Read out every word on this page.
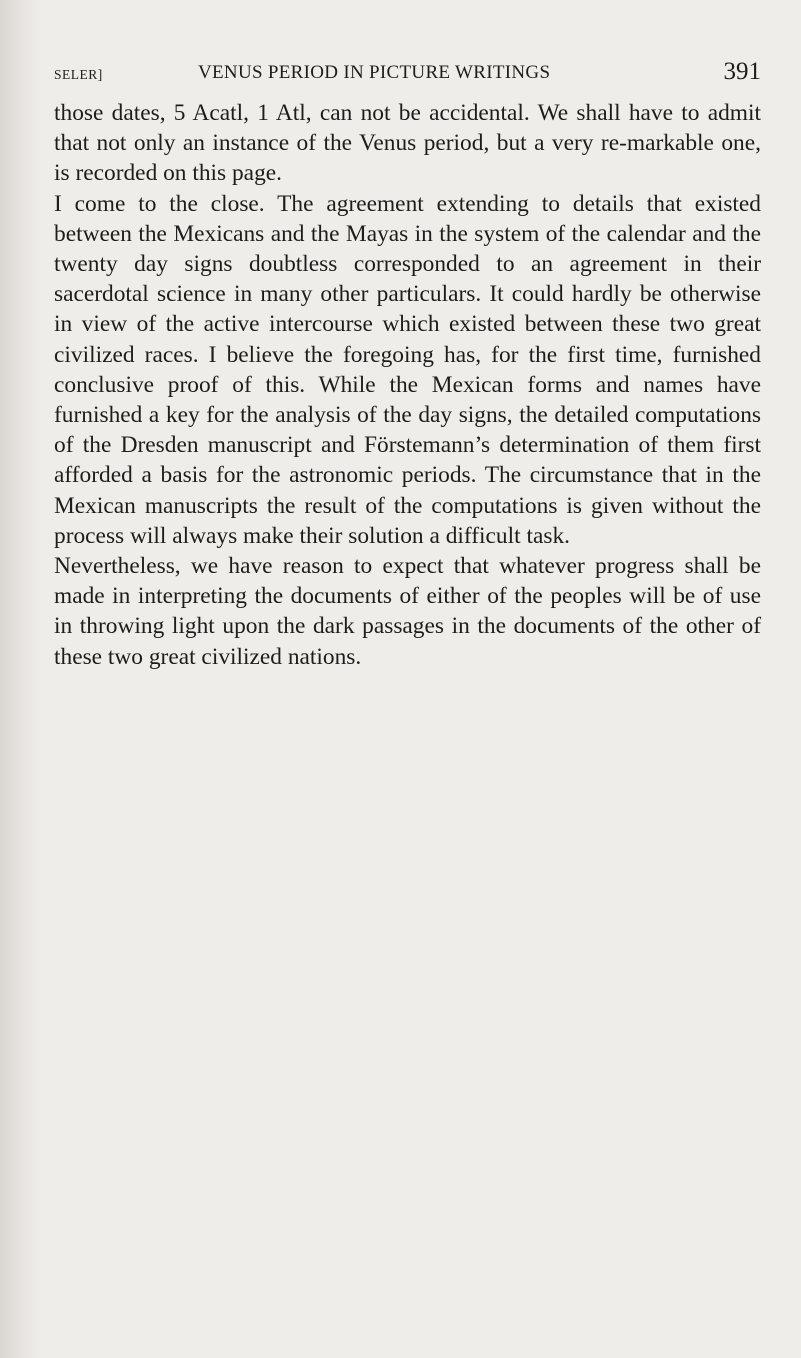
SELER]	VENUS PERIOD IN PICTURE WRITINGS	391

those dates, 5 Acatl, 1 Atl, can not be accidental. We shall have to admit that not only an instance of the Venus period, but a very re-markable one, is recorded on this page.

I come to the close. The agreement extending to details that existed between the Mexicans and the Mayas in the system of the calendar and the twenty day signs doubtless corresponded to an agreement in their sacerdotal science in many other particulars. It could hardly be otherwise in view of the active intercourse which existed between these two great civilized races. I believe the foregoing has, for the first time, furnished conclusive proof of this. While the Mexican forms and names have furnished a key for the analysis of the day signs, the detailed computations of the Dresden manuscript and Förstemann’s determination of them first afforded a basis for the astronomic periods. The circumstance that in the Mexican manuscripts the result of the computations is given without the process will always make their solution a difficult task.

Nevertheless, we have reason to expect that whatever progress shall be made in interpreting the documents of either of the peoples will be of use in throwing light upon the dark passages in the documents of the other of these two great civilized nations.
